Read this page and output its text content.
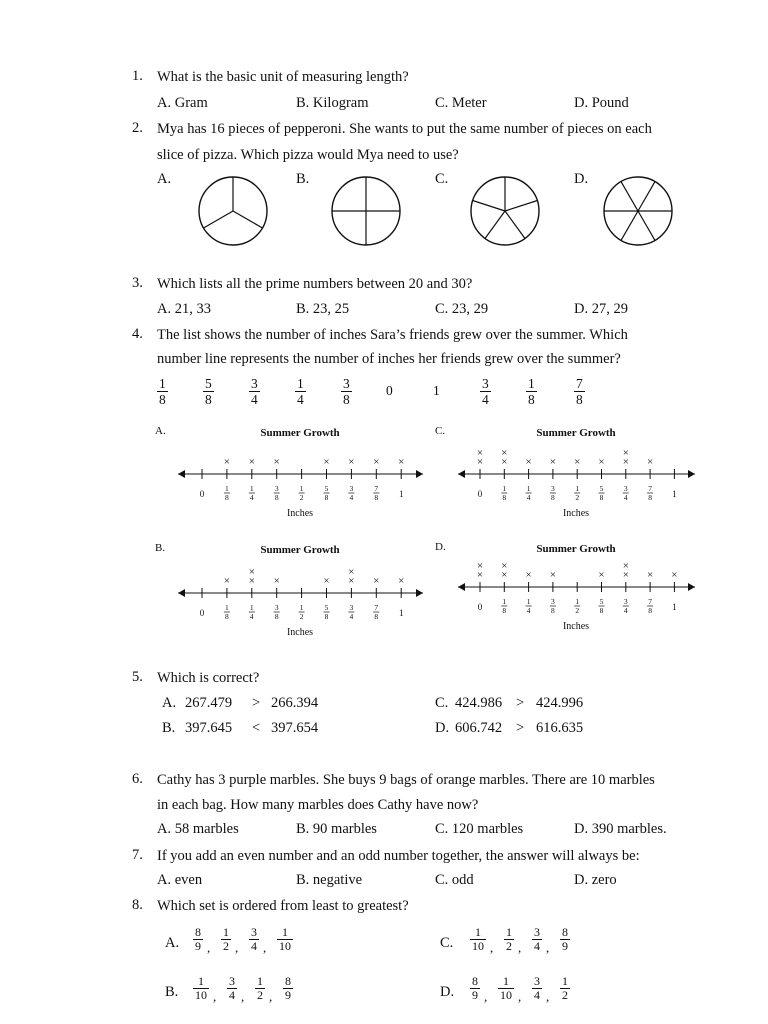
1. What is the basic unit of measuring length?
A. Gram	B. Kilogram	C. Meter	D. Pound
2. Mya has 16 pieces of pepperoni. She wants to put the same number of pieces on each
slice of pizza. Which pizza would Mya need to use?
A.	B.	C.	D.
3. Which lists all the prime numbers between 20 and 30?
A. 21, 33	B. 23, 25	C. 23, 29	D. 27, 29
4. The list shows the number of inches Sara’s friends grew over the summer. Which
number line represents the number of inches her friends grew over the summer?
A.	Summer Growth
0
1
8
×
1
4
×
3
8
×
1
2
5
8
×
3
4
×
7
8
×
1
×
Inches
C.	Summer Growth
0
×
×
1
8
×
×
1
4
×
3
8
×
1
2
×
5
8
×
3
4
×
×
7
8
×
1
Inches
B.	Summer Growth
0
1
8
×
1
4
×
×
3
8
×
1
2
5
8
×
3
4
×
×
7
8
×
1
×
Inches
D.	Summer Growth
0
×
×
1
8
×
×
1
4
×
3
8
×
1
2
5
8
×
3
4
×
×
7
8
×
1
×
Inches
5. Which is correct?
A. 267.479 > 266.394
B. 397.645 < 397.654
C. 424.986 > 424.996
D. 606.742 > 616.635
6. Cathy has 3 purple marbles. She buys 9 bags of orange marbles. There are 10 marbles
in each bag. How many marbles does Cathy have now?
A. 58 marbles	B. 90 marbles	C. 120 marbles	D. 390 marbles.
7. If you add an even number and an odd number together, the answer will always be:
A. even	B. negative	C. odd	D. zero
8. Which set is ordered from least to greatest?
$\frac{1}{8}$	$\frac{5}{8}$	$\frac{3}{4}$	$\frac{1}{4}$	$\frac{3}{8}$	0	1	$\frac{3}{4}$	$\frac{1}{8}$	$\frac{7}{8}$
A. $\frac{8}{9}$ , $\frac{1}{2}$ , $\frac{3}{4}$ , $\frac{1}{10}$
B. $\frac{1}{10}$ , $\frac{3}{4}$ , $\frac{1}{2}$ , $\frac{8}{9}$
C. $\frac{1}{10}$ , $\frac{1}{2}$ , $\frac{3}{4}$ , $\frac{8}{9}$
D. $\frac{8}{9}$ , $\frac{1}{10}$ , $\frac{3}{4}$ , $\frac{1}{2}$
